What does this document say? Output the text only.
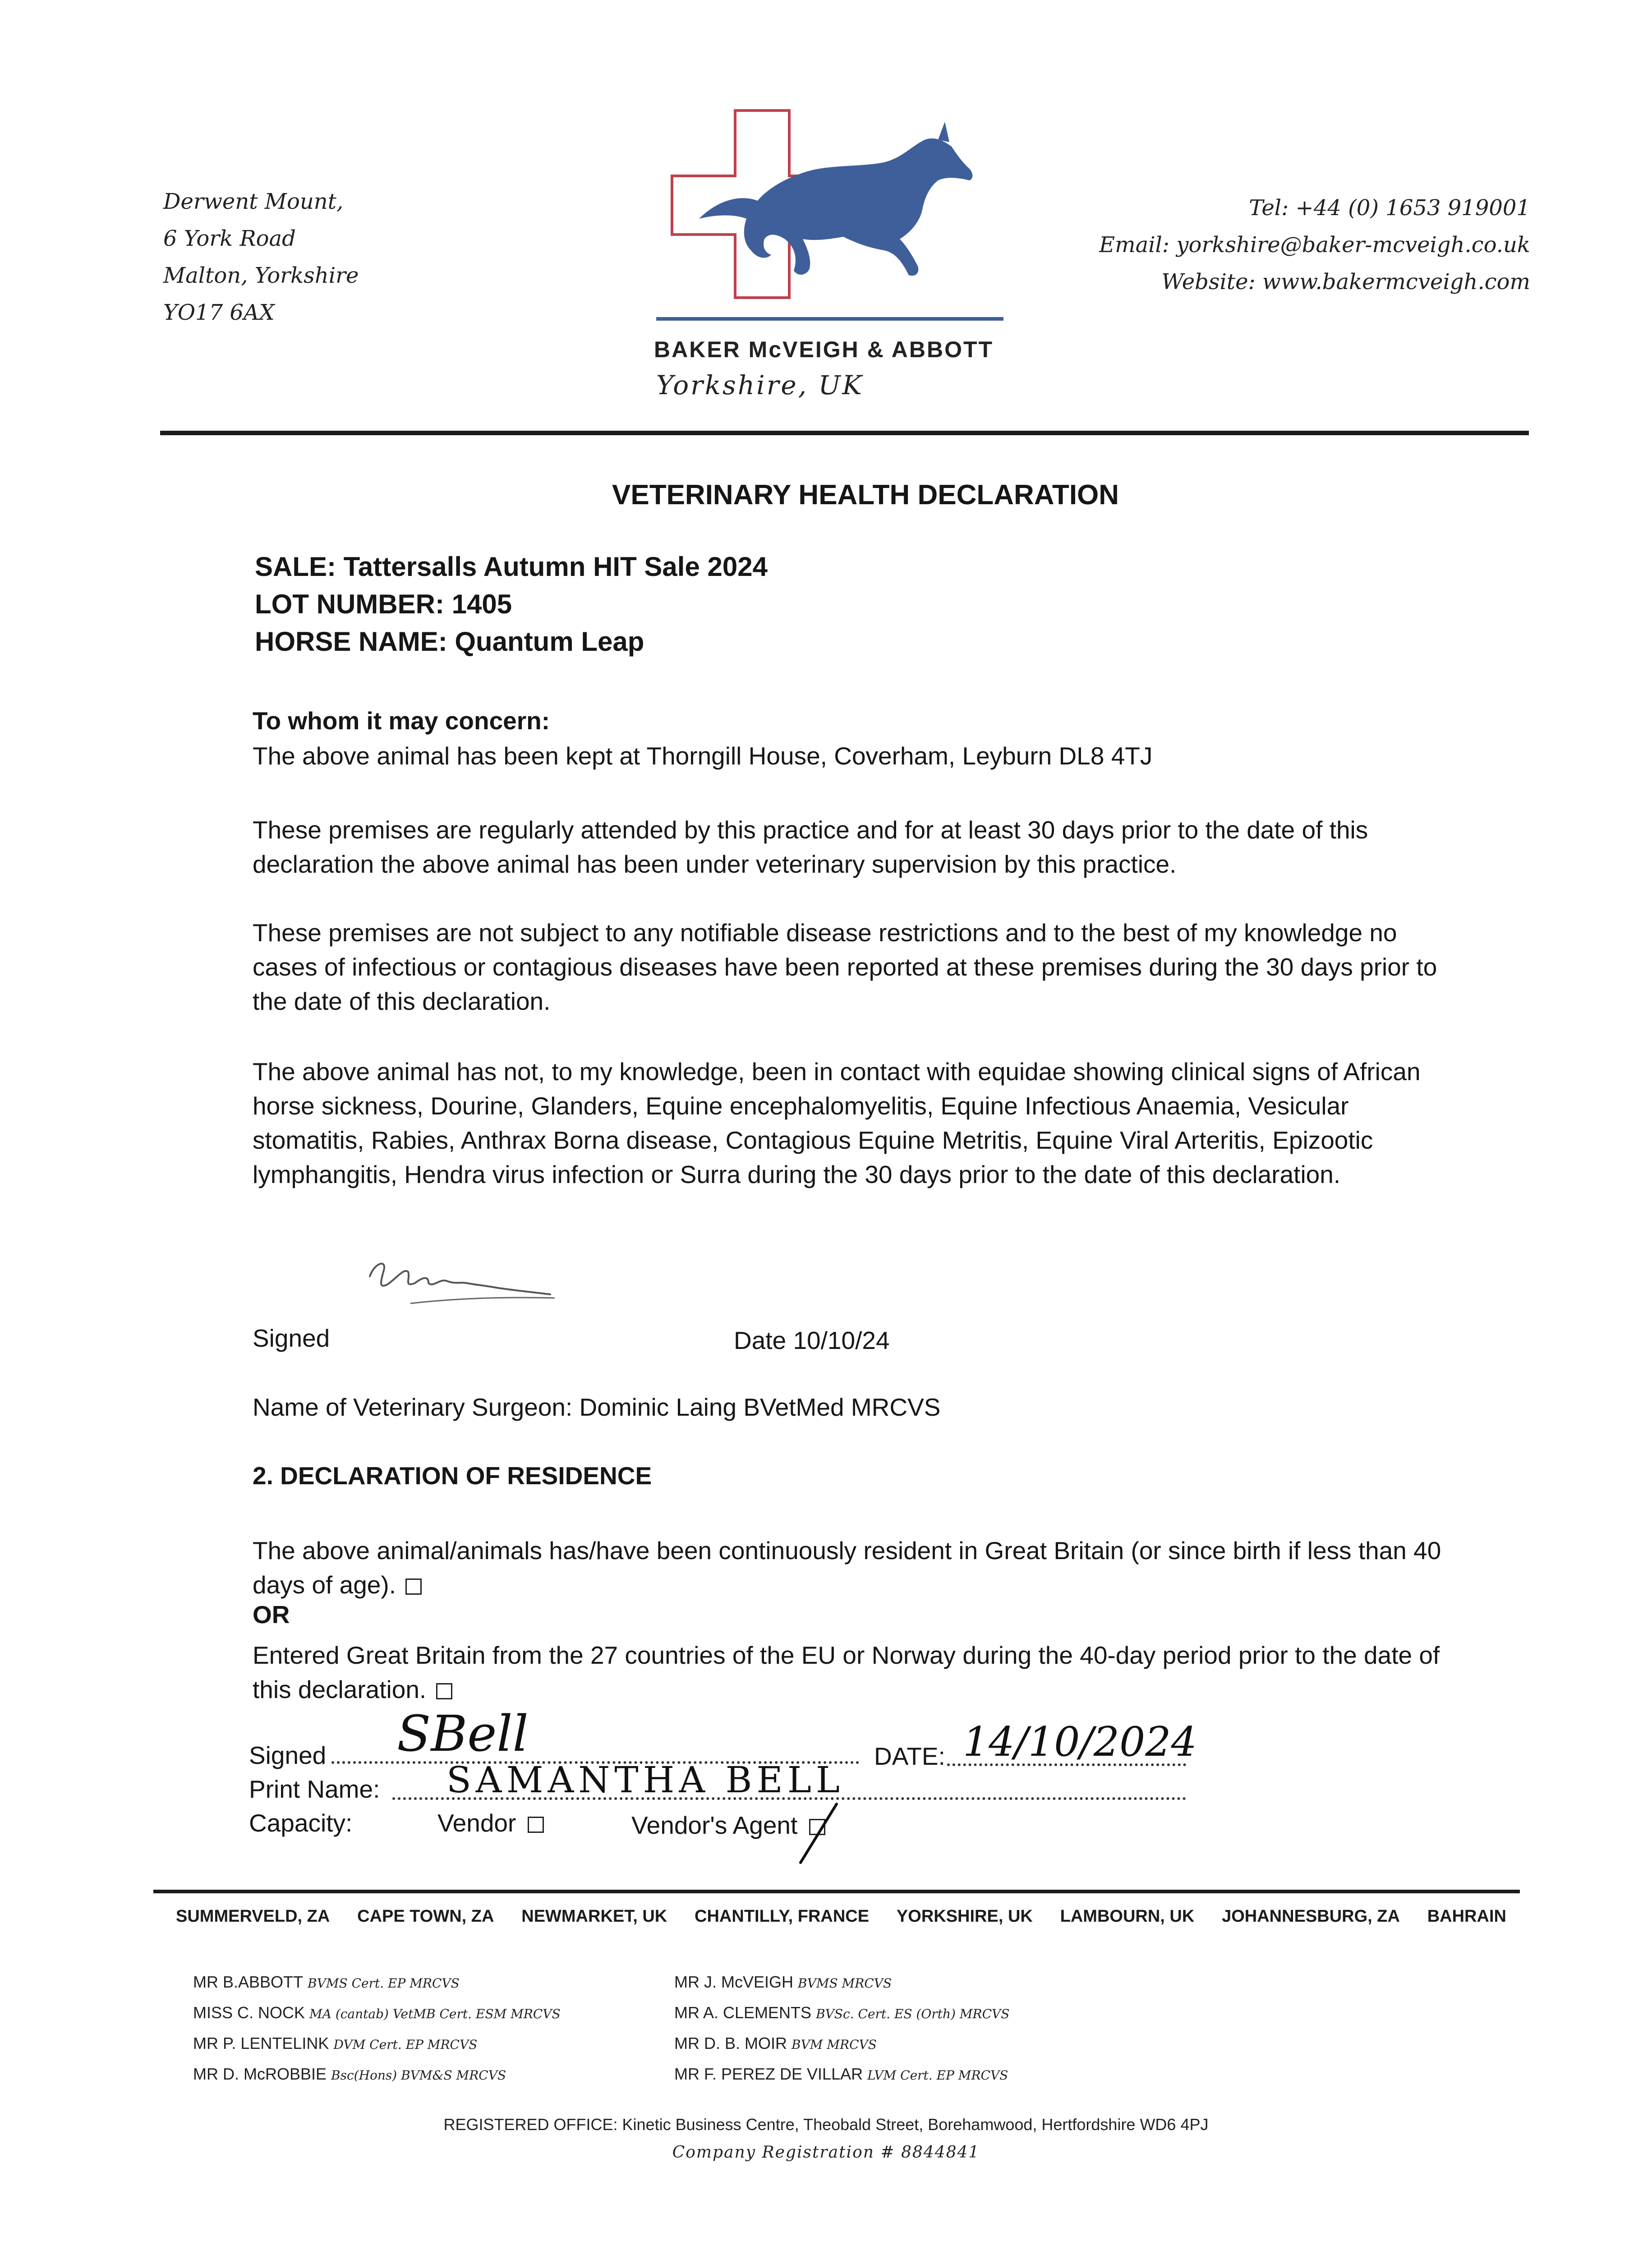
Derwent Mount,
6 York Road
Malton, Yorkshire
YO17 6AX
BAKER McVEIGH & ABBOTT
Yorkshire, UK
Tel: +44 (0) 1653 919001
Email: yorkshire@baker-mcveigh.co.uk
Website: www.bakermcveigh.com
VETERINARY HEALTH DECLARATION
SALE: Tattersalls Autumn HIT Sale 2024
LOT NUMBER: 1405
HORSE NAME: Quantum Leap
To whom it may concern:
The above animal has been kept at Thorngill House, Coverham, Leyburn DL8 4TJ
These premises are regularly attended by this practice and for at least 30 days prior to the date of this declaration the above animal has been under veterinary supervision by this practice.
These premises are not subject to any notifiable disease restrictions and to the best of my knowledge no cases of infectious or contagious diseases have been reported at these premises during the 30 days prior to the date of this declaration.
The above animal has not, to my knowledge, been in contact with equidae showing clinical signs of African horse sickness, Dourine, Glanders, Equine encephalomyelitis, Equine Infectious Anaemia, Vesicular stomatitis, Rabies, Anthrax Borna disease, Contagious Equine Metritis, Equine Viral Arteritis, Epizootic lymphangitis, Hendra virus infection or Surra during the 30 days prior to the date of this declaration.
Signed	Date 10/10/24
Name of Veterinary Surgeon: Dominic Laing BVetMed MRCVS
2. DECLARATION OF RESIDENCE
The above animal/animals has/have been continuously resident in Great Britain (or since birth if less than 40 days of age).
OR
Entered Great Britain from the 27 countries of the EU or Norway during the 40-day period prior to the date of this declaration.
Signed SBell	DATE: 14/10/2024
Print Name: SAMANTHA BELL
Capacity:	Vendor	Vendor's Agent
SUMMERVELD, ZA CAPE TOWN, ZA NEWMARKET, UK CHANTILLY, FRANCE YORKSHIRE, UK LAMBOURN, UK JOHANNESBURG, ZA BAHRAIN
MR B.ABBOTT BVMS Cert. EP MRCVS
MISS C. NOCK MA (cantab) VetMB Cert. ESM MRCVS
MR P. LENTELINK DVM Cert. EP MRCVS
MR D. McROBBIE Bsc(Hons) BVM&S MRCVS
MR J. McVEIGH BVMS MRCVS
MR A. CLEMENTS BVSc. Cert. ES (Orth) MRCVS
MR D. B. MOIR BVM MRCVS
MR F. PEREZ DE VILLAR LVM Cert. EP MRCVS
REGISTERED OFFICE: Kinetic Business Centre, Theobald Street, Borehamwood, Hertfordshire WD6 4PJ
Company Registration # 8844841
